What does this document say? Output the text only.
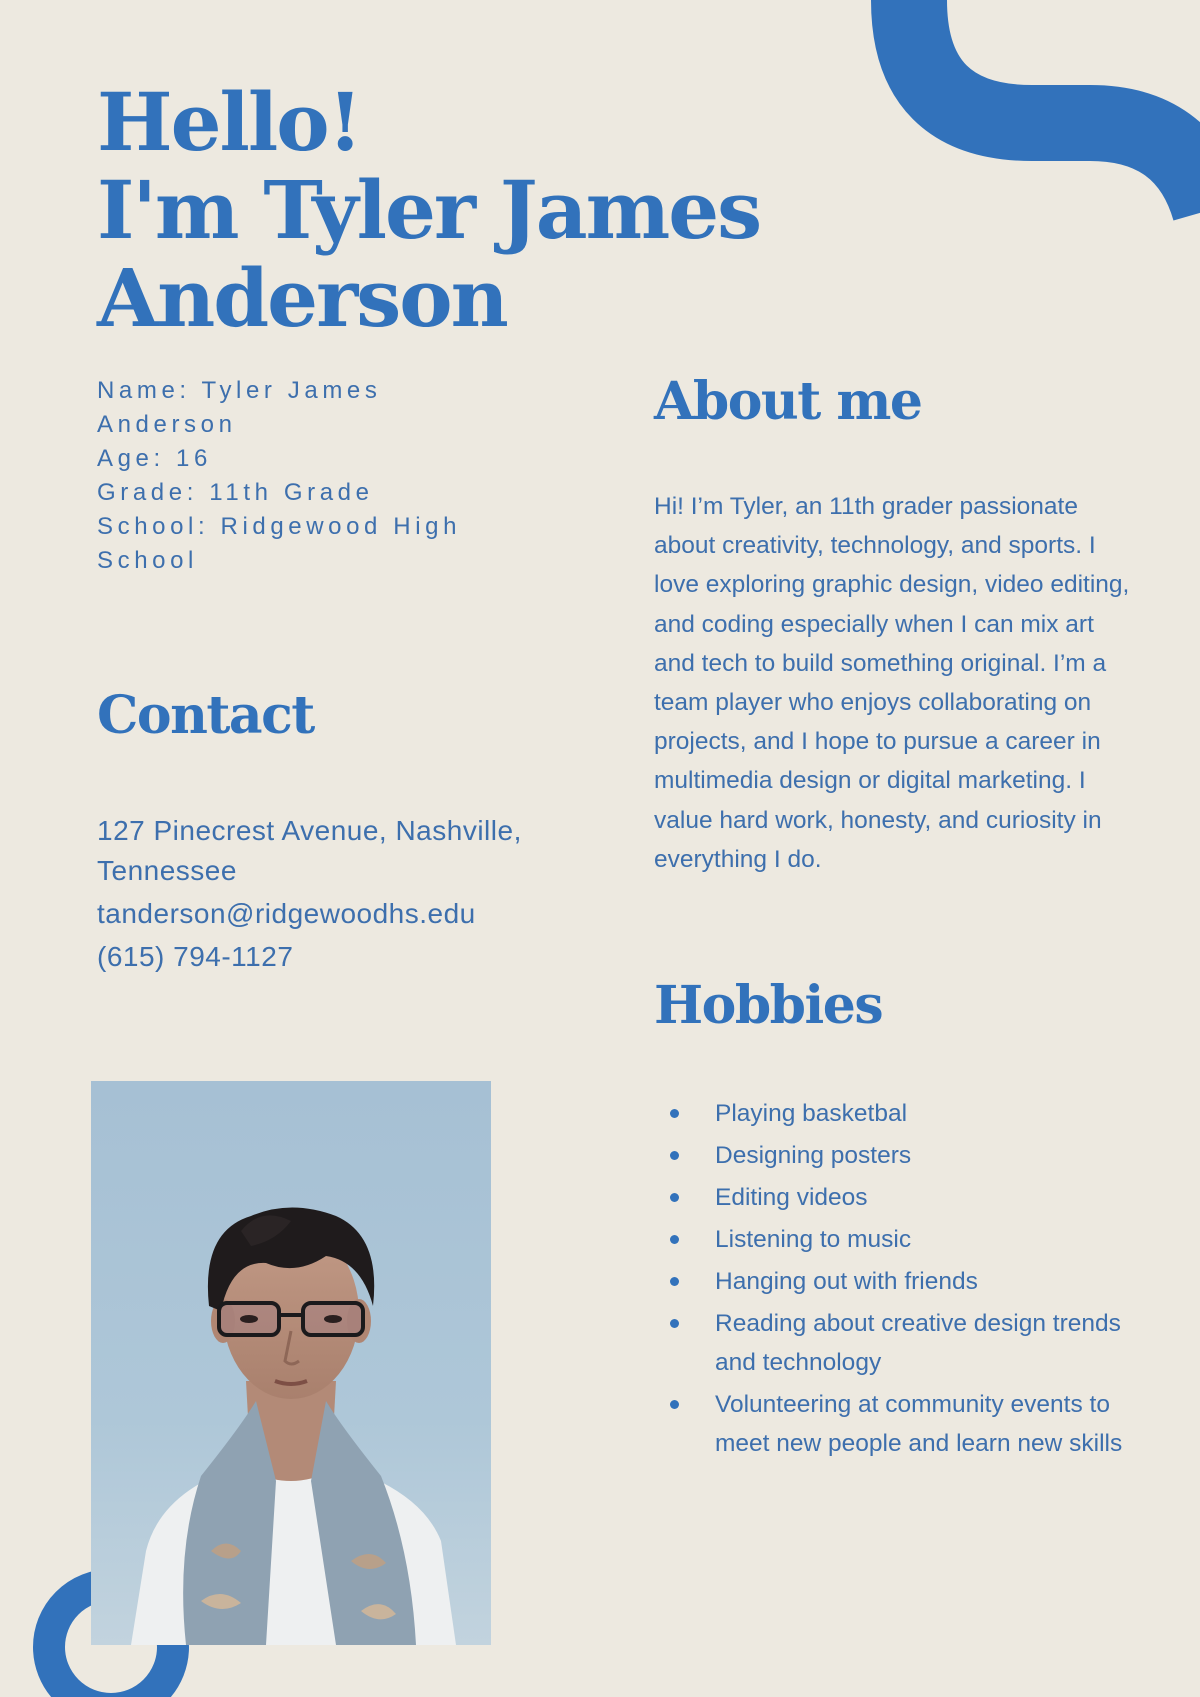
Hello!
I'm Tyler James
Anderson
Name: Tyler James
Anderson
Age: 16
Grade: 11th Grade
School: Ridgewood High
School
Contact
127 Pinecrest Avenue, Nashville,
Tennessee
tanderson@ridgewoodhs.edu
(615) 794-1127
About me

Hi! I’m Tyler, an 11th grader passionate about creativity, technology, and sports. I love exploring graphic design, video editing, and coding especially when I can mix art and tech to build something original. I’m a team player who enjoys collaborating on projects, and I hope to pursue a career in multimedia design or digital marketing. I value hard work, honesty, and curiosity in everything I do.

Hobbies
Playing basketbal
Designing posters
Editing videos
Listening to music
Hanging out with friends
Reading about creative design trends and technology
Volunteering at community events to meet new people and learn new skills
